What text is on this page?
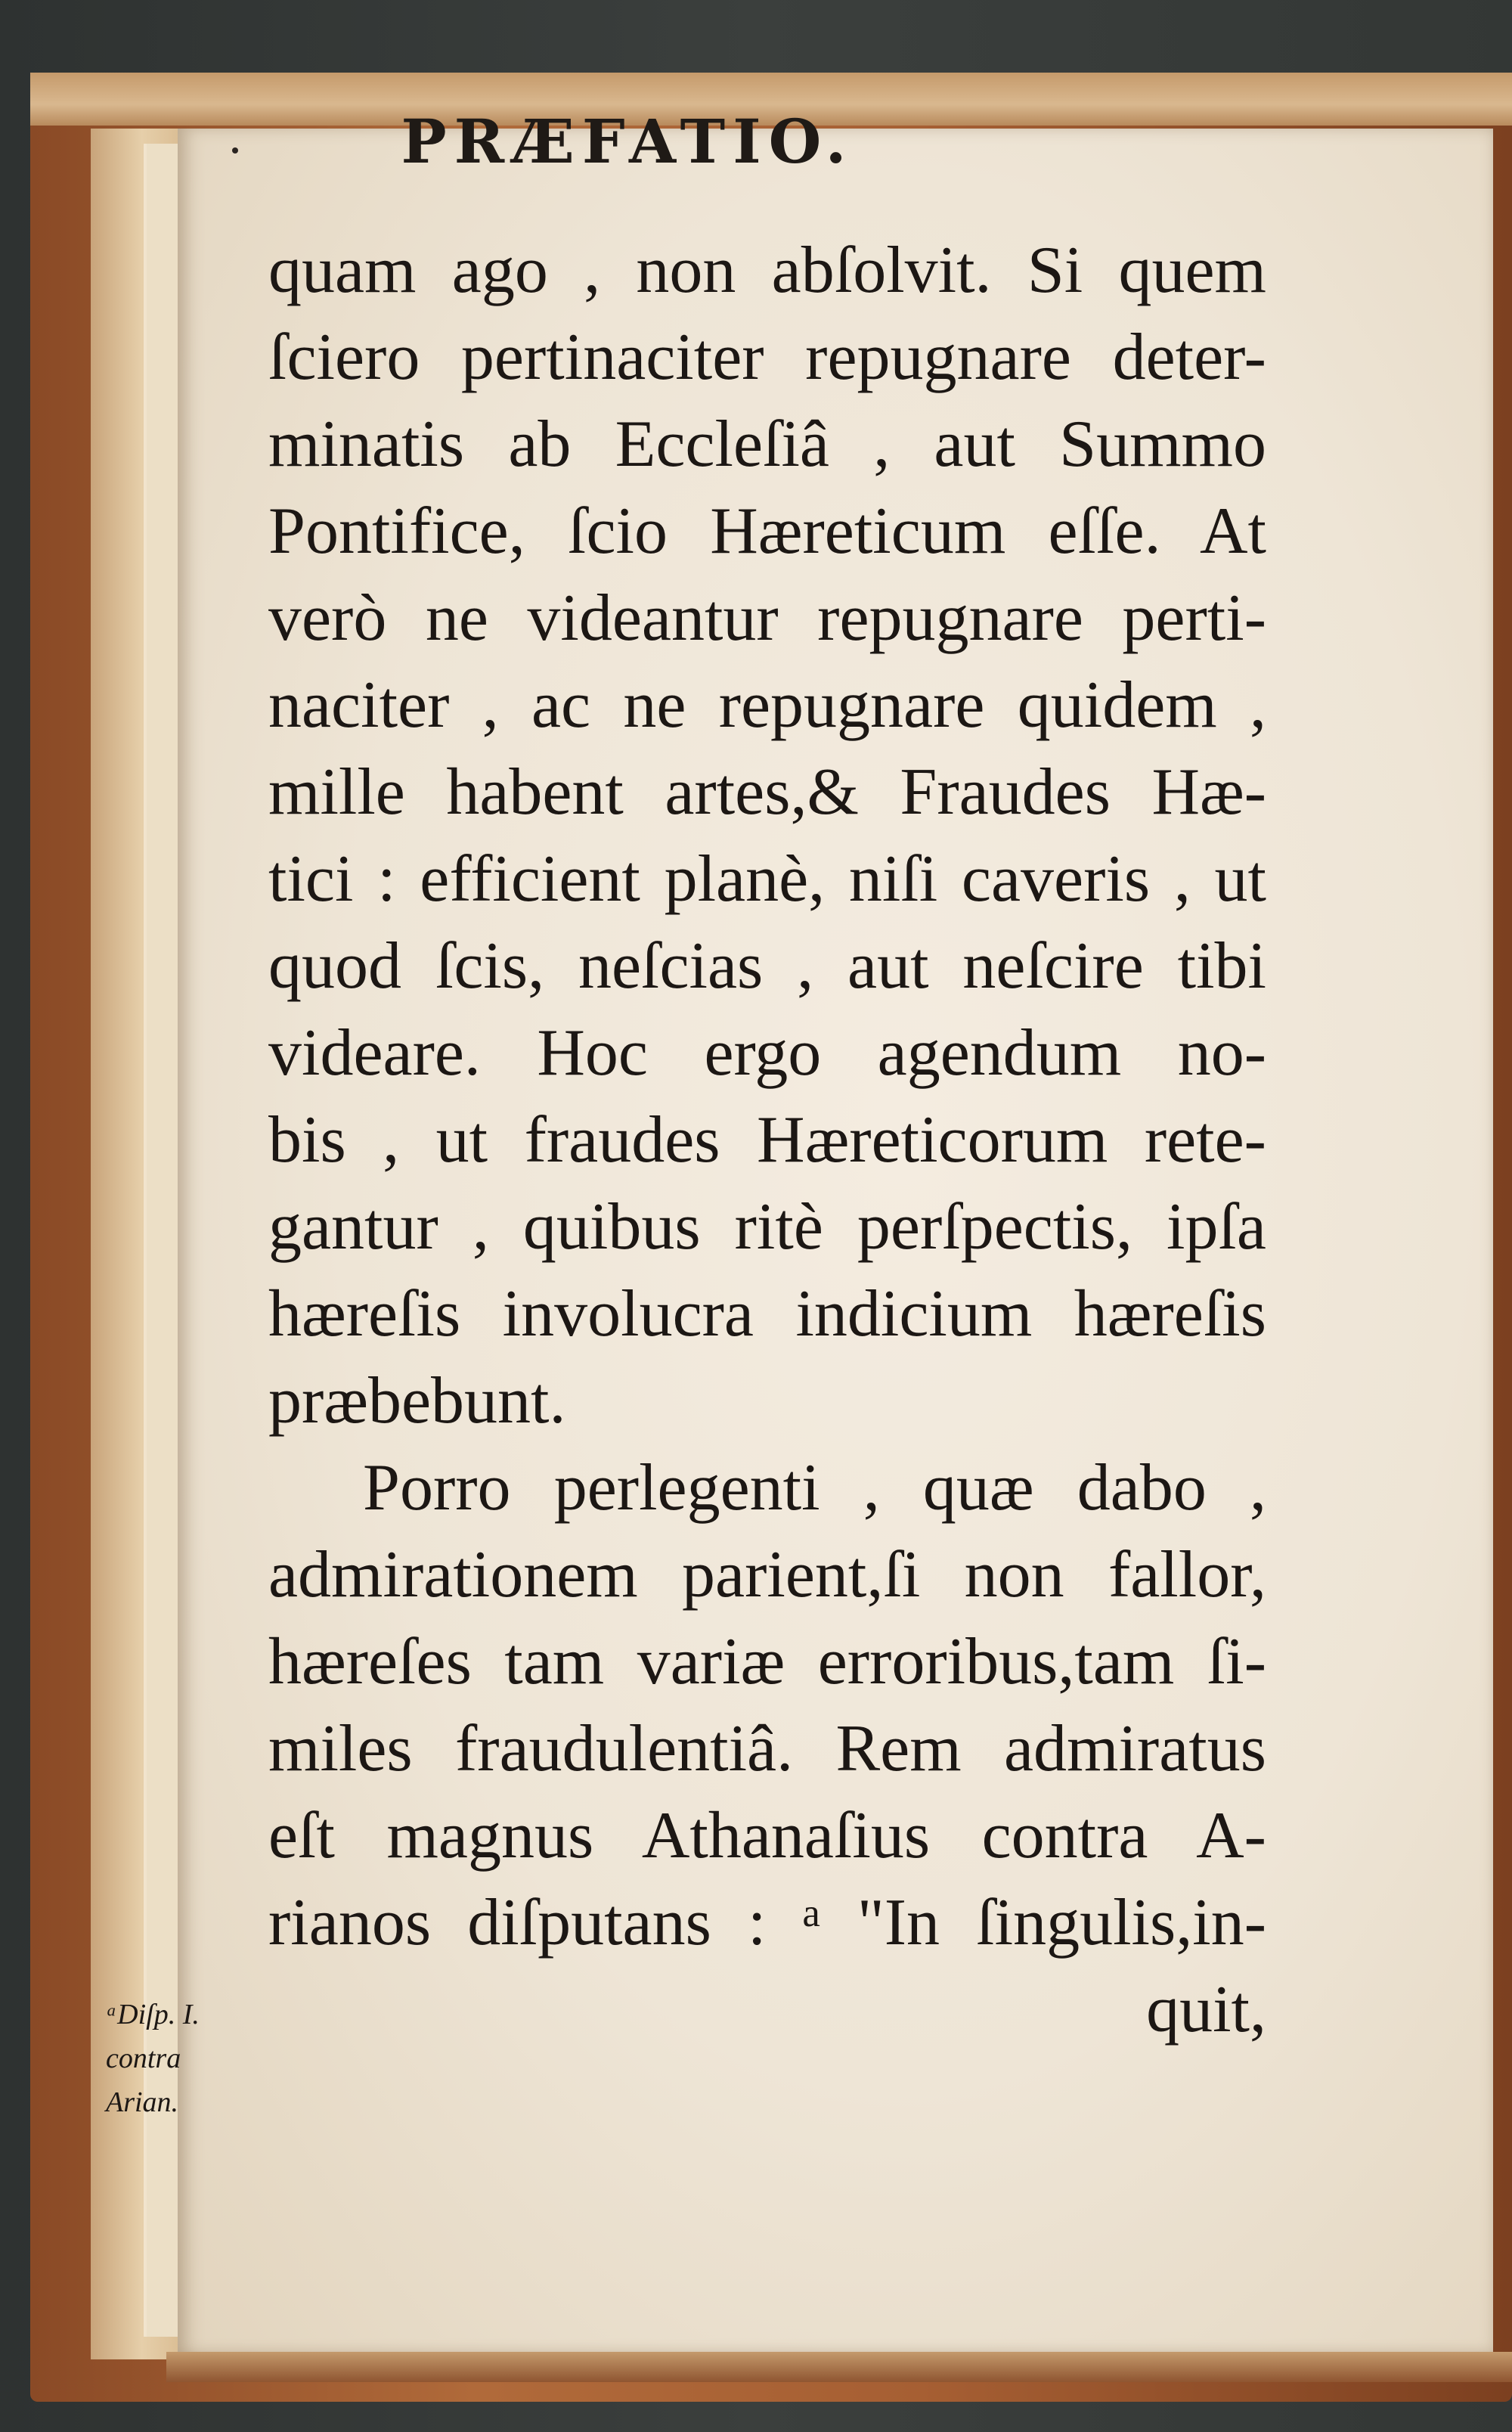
PRÆFATIO.
quam ago , non abſolvit. Si quem
ſciero pertinaciter repugnare deter-
minatis ab Eccleſiâ , aut Summo
Pontifice, ſcio Hæreticum eſſe. At
verò ne videantur repugnare perti-
naciter , ac ne repugnare quidem ,
mille habent artes,& Fraudes Hæ-
tici : efficient planè, niſi caveris , ut
quod ſcis, neſcias , aut neſcire tibi
videare. Hoc ergo agendum no-
bis , ut fraudes Hæreticorum rete-
gantur , quibus ritè perſpectis, ipſa
hæreſis involucra indicium hæreſis
præbebunt.
Porro perlegenti , quæ dabo ,
admirationem parient,ſi non fallor,
hæreſes tam variæ erroribus,tam ſi-
miles fraudulentiâ. Rem admiratus
eſt magnus Athanaſius contra A-
rianos diſputans : ᵃ "In ſingulis,in-
quit,
ᵃDiſp. I.
contra
Arian.
